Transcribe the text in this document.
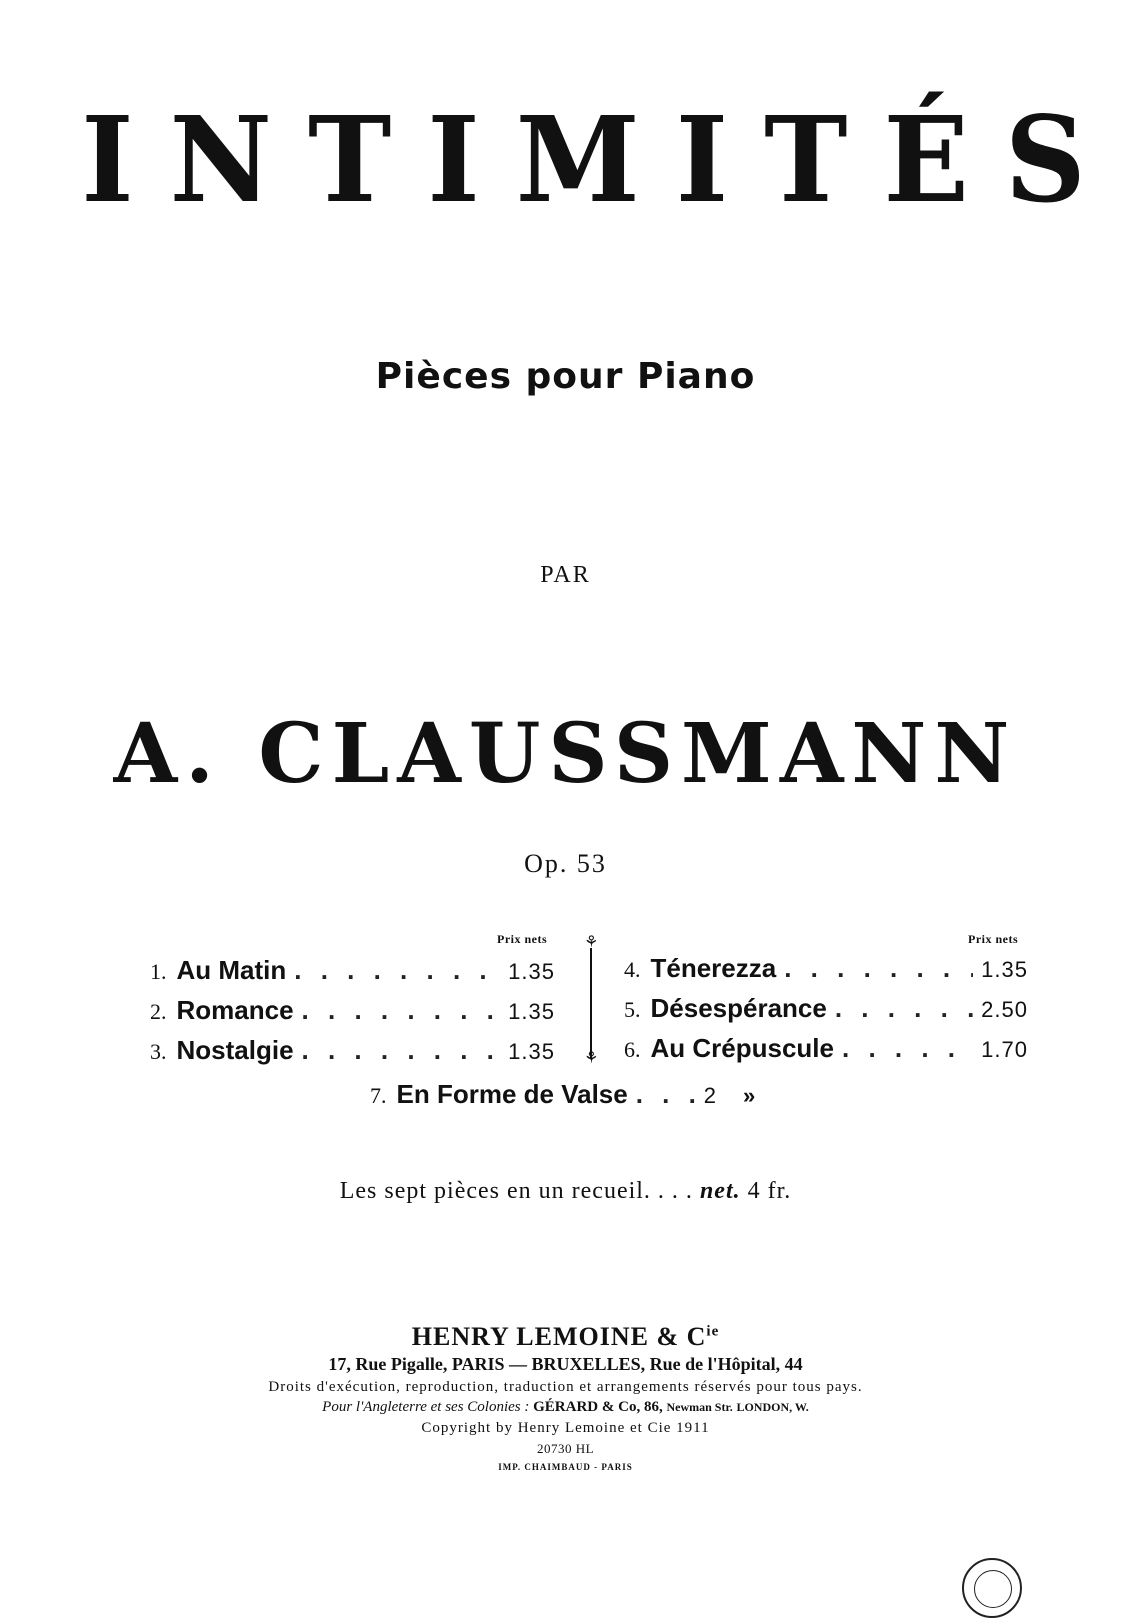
INTIMITÉS
Pièces pour Piano
PAR
A. CLAUSSMANN
Op. 53
Prix nets	Prix nets
⚘
⚘
1. Au Matin . . .	1.35
2. Romance . . .	1.35
3. Nostalgie . . .	1.35
4. Ténerezza . . .	1.35
5. Désespérance . . .	2.50
6. Au Crépuscule . . .	1.70
7. En Forme de Valse . . .	2 »
Les sept pièces en un recueil. . . . net. 4 fr.
HENRY LEMOINE & $C^{ie}$
17, Rue Pigalle, PARIS — BRUXELLES, Rue de l'Hôpital, 44
Droits d'exécution, reproduction, traduction et arrangements réservés pour tous pays.
Pour l'Angleterre et ses Colonies : GÉRARD & Co, 86, Newman Str. LONDON, W.
Copyright by Henry Lemoine et Cie 1911
20730 HL
IMP. CHAIMBAUD - PARIS
